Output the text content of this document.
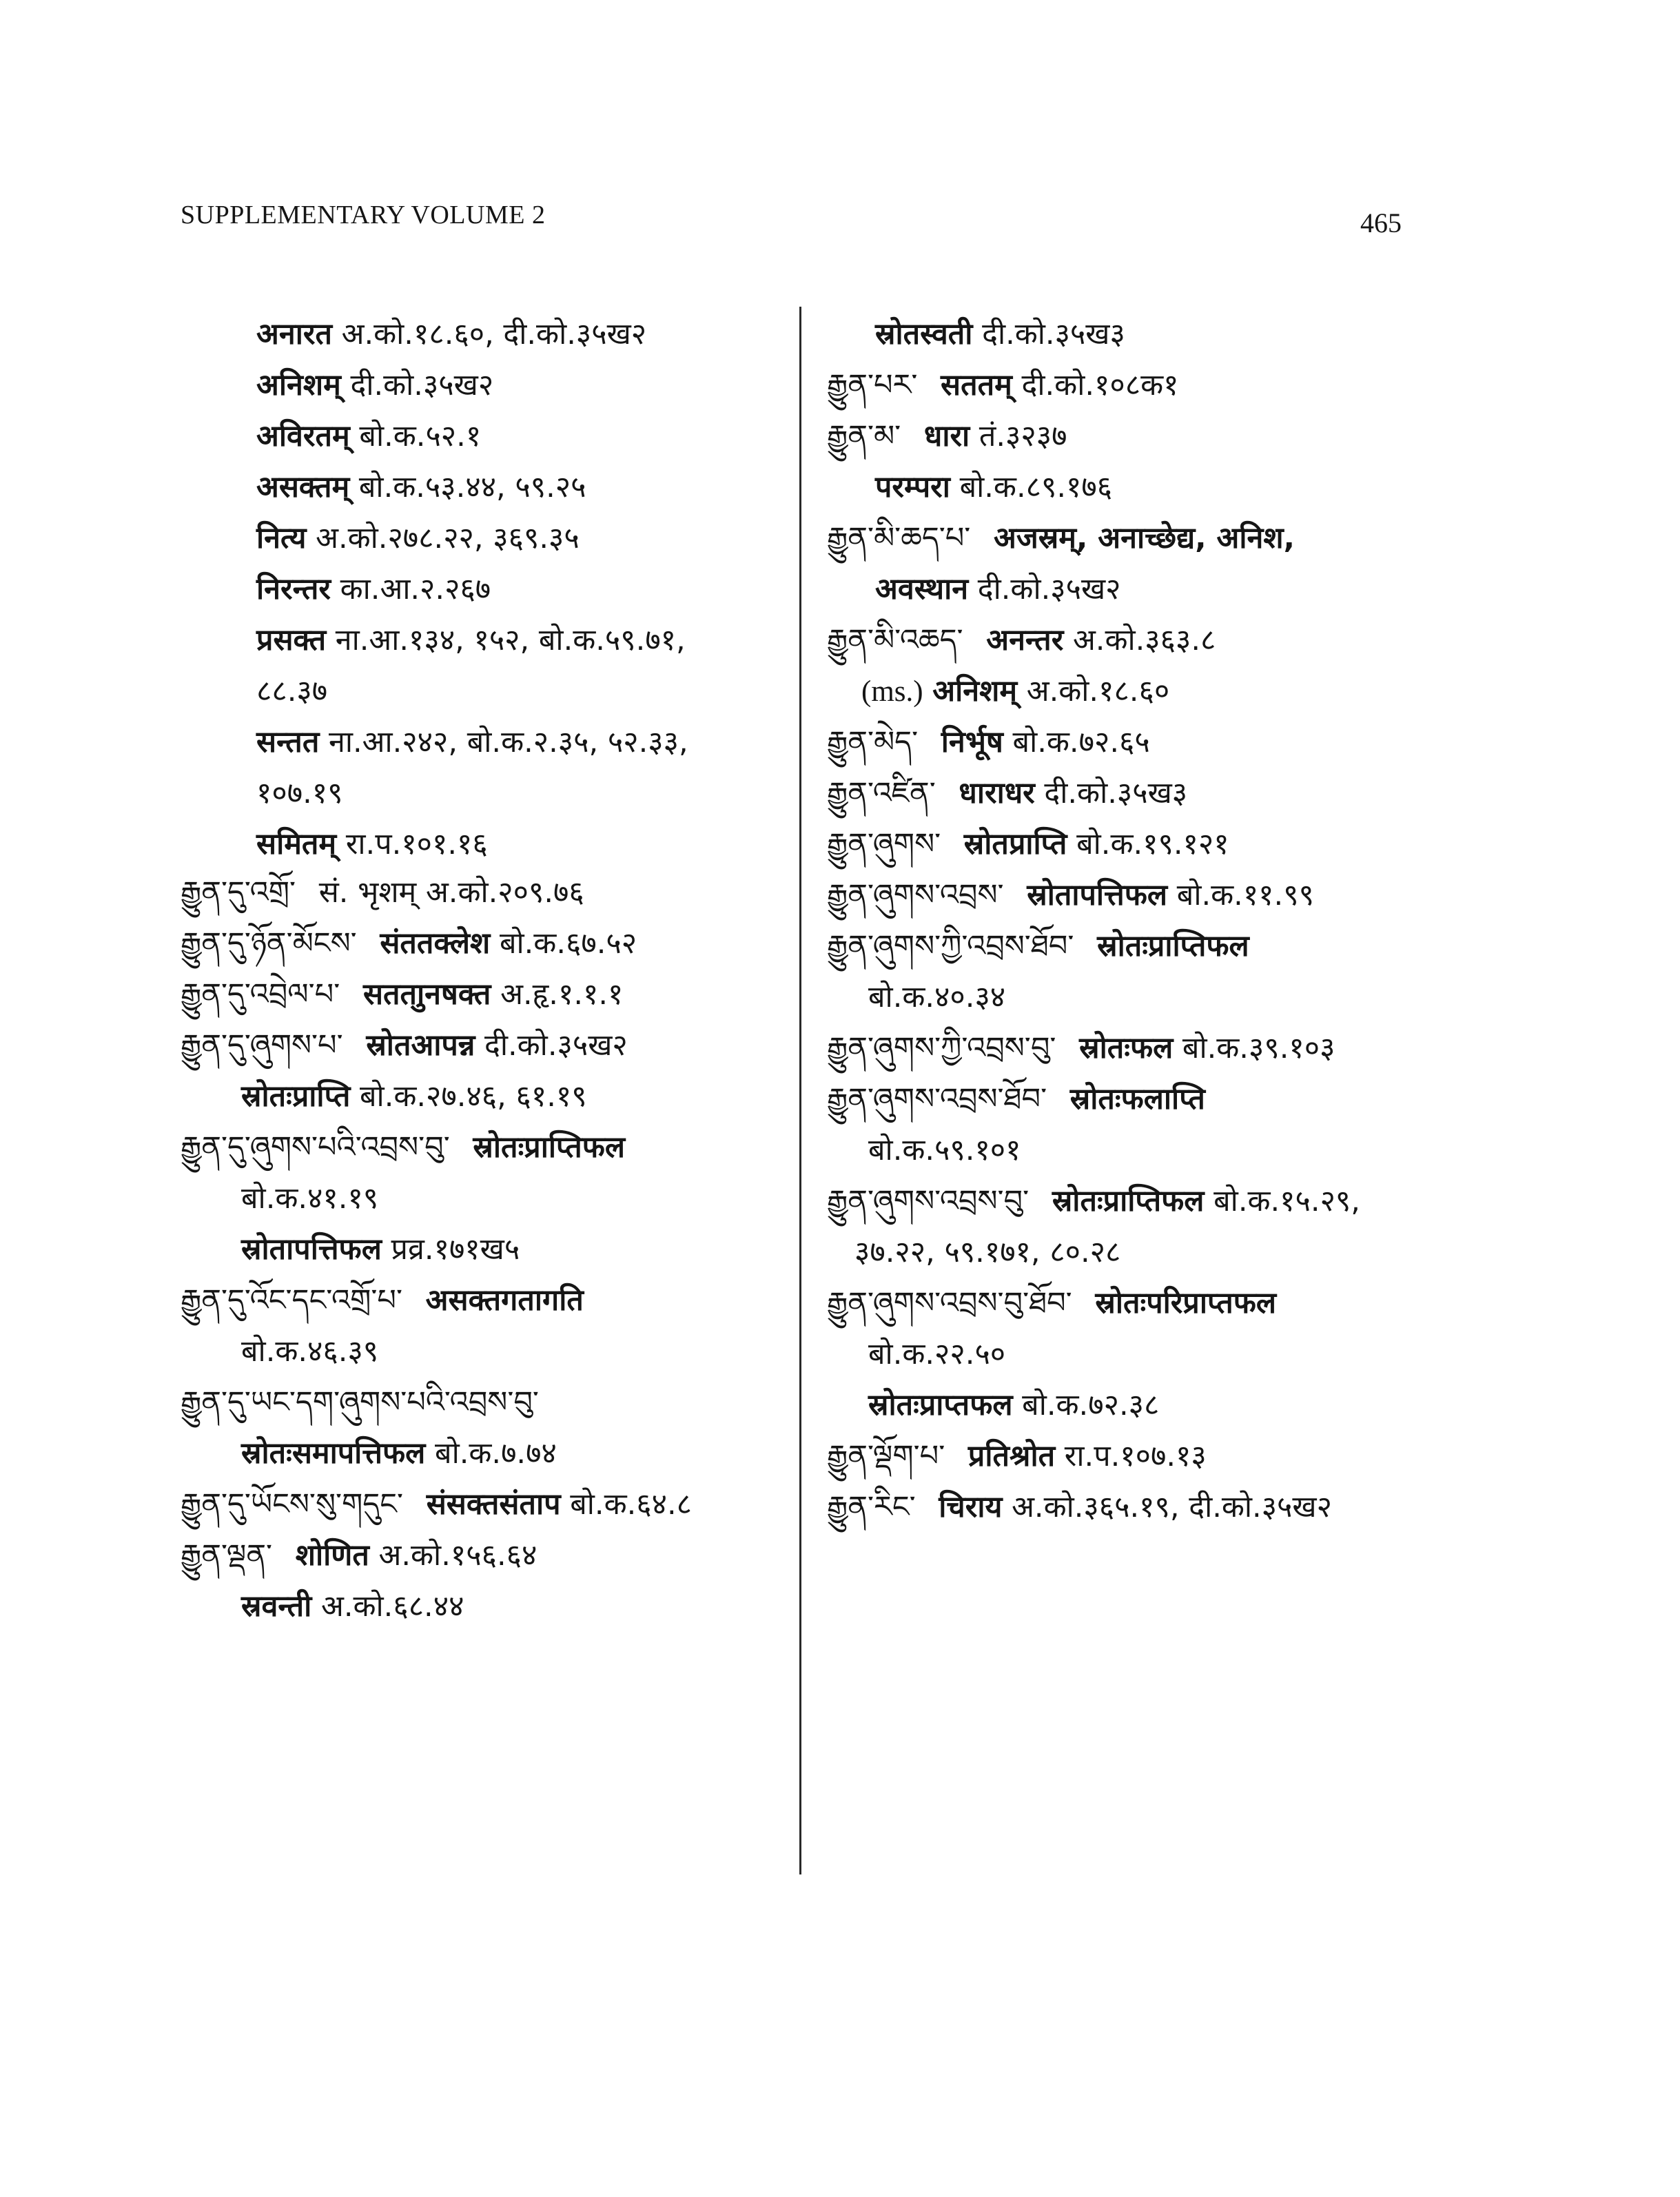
SUPPLEMENTARY VOLUME 2	465
अनारत अ.को.१८.६०, दी.को.३५ख२
अनिशम् दी.को.३५ख२
अविरतम् बो.क.५२.१
असक्तम् बो.क.५३.४४, ५९.२५
नित्य अ.को.२७८.२२, ३६९.३५
निरन्तर का.आ.२.२६७
प्रसक्त ना.आ.१३४, १५२, बो.क.५९.७१,
८८.३७
सन्तत ना.आ.२४२, बो.क.२.३५, ५२.३३,
१०७.१९
समितम् रा.प.१०१.१६
རྒྱུན་དུ་འགྲོ་ सं. भृशम् अ.को.२०९.७६
རྒྱུན་དུ་ཉོན་མོངས་ संततक्लेश बो.क.६७.५२
རྒྱུན་དུ་འབྲེལ་པ་ सतताुनषक्त अ.हृ.१.१.१
རྒྱུན་དུ་ཞུགས་པ་ स्रोतआपन्न दी.को.३५ख२
स्रोतःप्राप्ति बो.क.२७.४६, ६१.१९
རྒྱུན་དུ་ཞུགས་པའི་འབྲས་བུ་ स्रोतःप्राप्तिफल
बो.क.४१.१९
स्रोतापत्तिफल प्रव्र.१७१ख५
རྒྱུན་དུ་འོང་དང་འགྲོ་པ་ असक्तगतागति
बो.क.४६.३९
རྒྱུན་དུ་ཡང་དག་ཞུགས་པའི་འབྲས་བུ་
स्रोतःसमापत्तिफल बो.क.७.७४
རྒྱུན་དུ་ཡོངས་སུ་གདུང་ संसक्तसंताप बो.क.६४.८
རྒྱུན་ལྡན་ शोणित अ.को.१५६.६४
स्रवन्ती अ.को.६८.४४
स्रोतस्वती दी.को.३५ख३
རྒྱུན་པར་ सततम् दी.को.१०८क१
རྒྱུན་མ་ धारा तं.३२३७
परम्परा बो.क.८९.१७६
རྒྱུན་མི་ཆད་པ་ अजस्रम्, अनाच्छेद्य, अनिश,
अवस्थान दी.को.३५ख२
རྒྱུན་མི་འཆད་ अनन्तर अ.को.३६३.८
(ms.) अनिशम् अ.को.१८.६०
རྒྱུན་མེད་ निर्भूष बो.क.७२.६५
རྒྱུན་འཛིན་ धाराधर दी.को.३५ख३
རྒྱུན་ཞུགས་ स्रोतप्राप्ति बो.क.१९.१२१
རྒྱུན་ཞུགས་འབྲས་ स्रोतापत्तिफल बो.क.११.९९
རྒྱུན་ཞུགས་ཀྱི་འབྲས་ཐོབ་ स्रोतःप्राप्तिफल
बो.क.४०.३४
རྒྱུན་ཞུགས་ཀྱི་འབྲས་བུ་ स्रोतःफल बो.क.३९.१०३
རྒྱུན་ཞུགས་འབྲས་ཐོབ་ स्रोतःफलाप्ति
बो.क.५९.१०१
རྒྱུན་ཞུགས་འབྲས་བུ་ स्रोतःप्राप्तिफल बो.क.१५.२९,
३७.२२, ५९.१७१, ८०.२८
རྒྱུན་ཞུགས་འབྲས་བུ་ཐོབ་ स्रोतःपरिप्राप्तफल
बो.क.२२.५०
स्रोतःप्राप्तफल बो.क.७२.३८
རྒྱུན་ལྡོག་པ་ प्रतिश्रोत रा.प.१०७.१३
རྒྱུན་རིང་ चिराय अ.को.३६५.१९, दी.को.३५ख२
